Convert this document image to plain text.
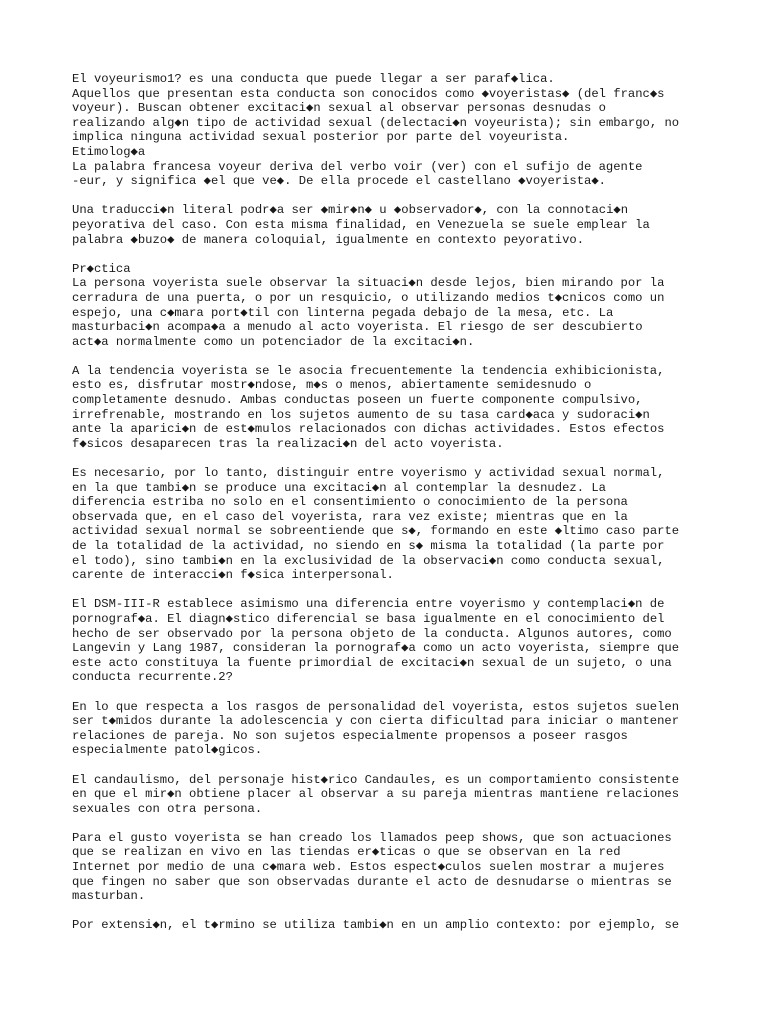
El voyeurismo1? es una conducta que puede llegar a ser paraf◆lica.
Aquellos que presentan esta conducta son conocidos como ◆voyeristas◆ (del franc◆s
voyeur). Buscan obtener excitaci◆n sexual al observar personas desnudas o
realizando alg◆n tipo de actividad sexual (delectaci◆n voyeurista); sin embargo, no
implica ninguna actividad sexual posterior por parte del voyeurista.
Etimolog◆a
La palabra francesa voyeur deriva del verbo voir (ver) con el sufijo de agente
-eur, y significa ◆el que ve◆. De ella procede el castellano ◆voyerista◆.
Una traducci◆n literal podr◆a ser ◆mir◆n◆ u ◆observador◆, con la connotaci◆n
peyorativa del caso. Con esta misma finalidad, en Venezuela se suele emplear la
palabra ◆buzo◆ de manera coloquial, igualmente en contexto peyorativo.
Pr◆ctica
La persona voyerista suele observar la situaci◆n desde lejos, bien mirando por la
cerradura de una puerta, o por un resquicio, o utilizando medios t◆cnicos como un
espejo, una c◆mara port◆til con linterna pegada debajo de la mesa, etc. La
masturbaci◆n acompa◆a a menudo al acto voyerista. El riesgo de ser descubierto
act◆a normalmente como un potenciador de la excitaci◆n.
A la tendencia voyerista se le asocia frecuentemente la tendencia exhibicionista,
esto es, disfrutar mostr◆ndose, m◆s o menos, abiertamente semidesnudo o
completamente desnudo. Ambas conductas poseen un fuerte componente compulsivo,
irrefrenable, mostrando en los sujetos aumento de su tasa card◆aca y sudoraci◆n
ante la aparici◆n de est◆mulos relacionados con dichas actividades. Estos efectos
f◆sicos desaparecen tras la realizaci◆n del acto voyerista.
Es necesario, por lo tanto, distinguir entre voyerismo y actividad sexual normal,
en la que tambi◆n se produce una excitaci◆n al contemplar la desnudez. La
diferencia estriba no solo en el consentimiento o conocimiento de la persona
observada que, en el caso del voyerista, rara vez existe; mientras que en la
actividad sexual normal se sobreentiende que s◆, formando en este ◆ltimo caso parte
de la totalidad de la actividad, no siendo en s◆ misma la totalidad (la parte por
el todo), sino tambi◆n en la exclusividad de la observaci◆n como conducta sexual,
carente de interacci◆n f◆sica interpersonal.
El DSM-III-R establece asimismo una diferencia entre voyerismo y contemplaci◆n de
pornograf◆a. El diagn◆stico diferencial se basa igualmente en el conocimiento del
hecho de ser observado por la persona objeto de la conducta. Algunos autores, como
Langevin y Lang 1987, consideran la pornograf◆a como un acto voyerista, siempre que
este acto constituya la fuente primordial de excitaci◆n sexual de un sujeto, o una
conducta recurrente.2?
En lo que respecta a los rasgos de personalidad del voyerista, estos sujetos suelen
ser t◆midos durante la adolescencia y con cierta dificultad para iniciar o mantener
relaciones de pareja. No son sujetos especialmente propensos a poseer rasgos
especialmente patol◆gicos.
El candaulismo, del personaje hist◆rico Candaules, es un comportamiento consistente
en que el mir◆n obtiene placer al observar a su pareja mientras mantiene relaciones
sexuales con otra persona.
Para el gusto voyerista se han creado los llamados peep shows, que son actuaciones
que se realizan en vivo en las tiendas er◆ticas o que se observan en la red
Internet por medio de una c◆mara web. Estos espect◆culos suelen mostrar a mujeres
que fingen no saber que son observadas durante el acto de desnudarse o mientras se
masturban.
Por extensi◆n, el t◆rmino se utiliza tambi◆n en un amplio contexto: por ejemplo, se
